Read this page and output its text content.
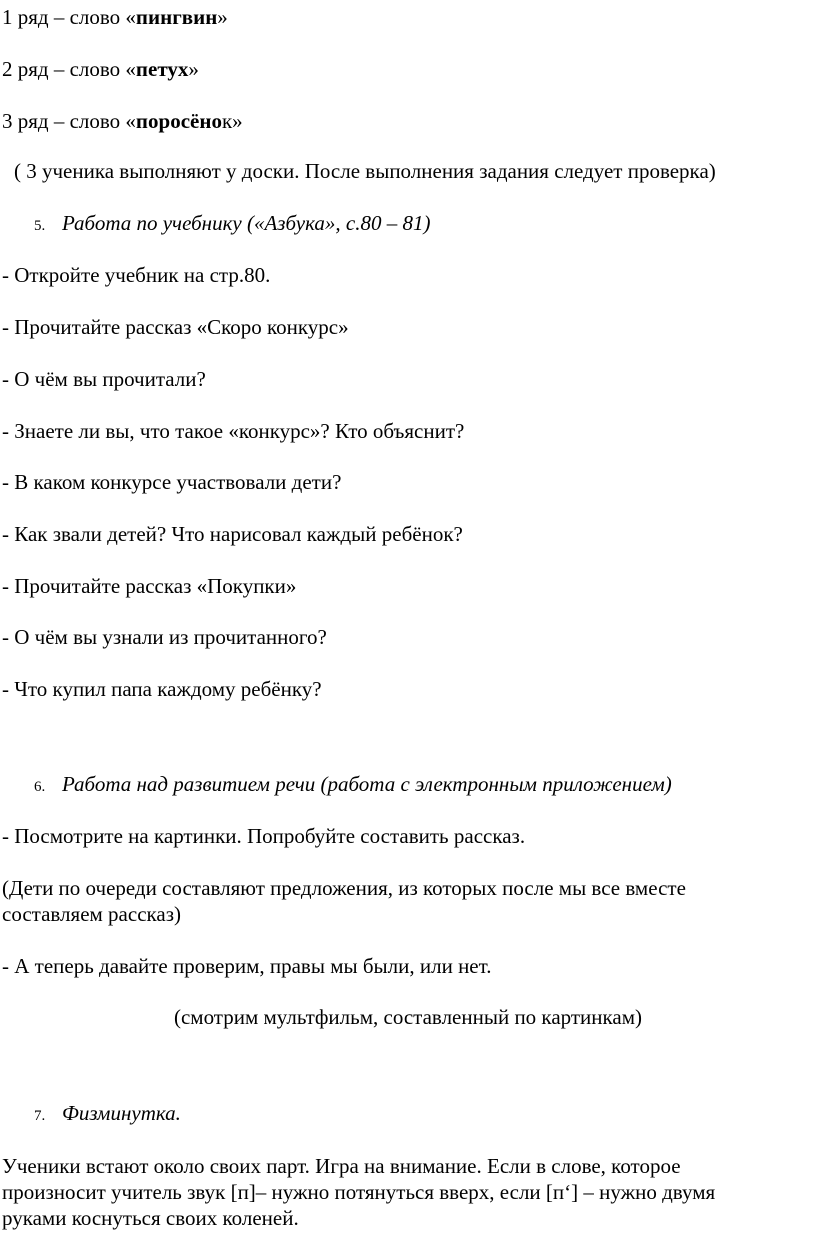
1 ряд – слово «пингвин»
2 ряд – слово «петух»
3 ряд – слово «поросёнок»
( 3 ученика выполняют у доски. После выполнения задания следует проверка)
5. Работа по учебнику («Азбука», с.80 – 81)
- Откройте учебник на стр.80.
- Прочитайте рассказ «Скоро конкурс»
- О чём вы прочитали?
- Знаете ли вы, что такое «конкурс»? Кто объяснит?
- В каком конкурсе участвовали дети?
- Как звали детей? Что нарисовал каждый ребёнок?
- Прочитайте рассказ «Покупки»
- О чём вы узнали из прочитанного?
- Что купил папа каждому ребёнку?
6. Работа над развитием речи (работа с электронным приложением)
- Посмотрите на картинки. Попробуйте составить рассказ.
(Дети по очереди составляют предложения, из которых после мы все вместе
составляем рассказ)
- А теперь давайте проверим, правы мы были, или нет.
(смотрим мультфильм, составленный по картинкам)
7. Физминутка.
Ученики встают около своих парт. Игра на внимание. Если в слове, которое
произносит учитель звук [п]– нужно потянуться вверх, если [п‘] – нужно двумя
руками коснуться своих коленей.
